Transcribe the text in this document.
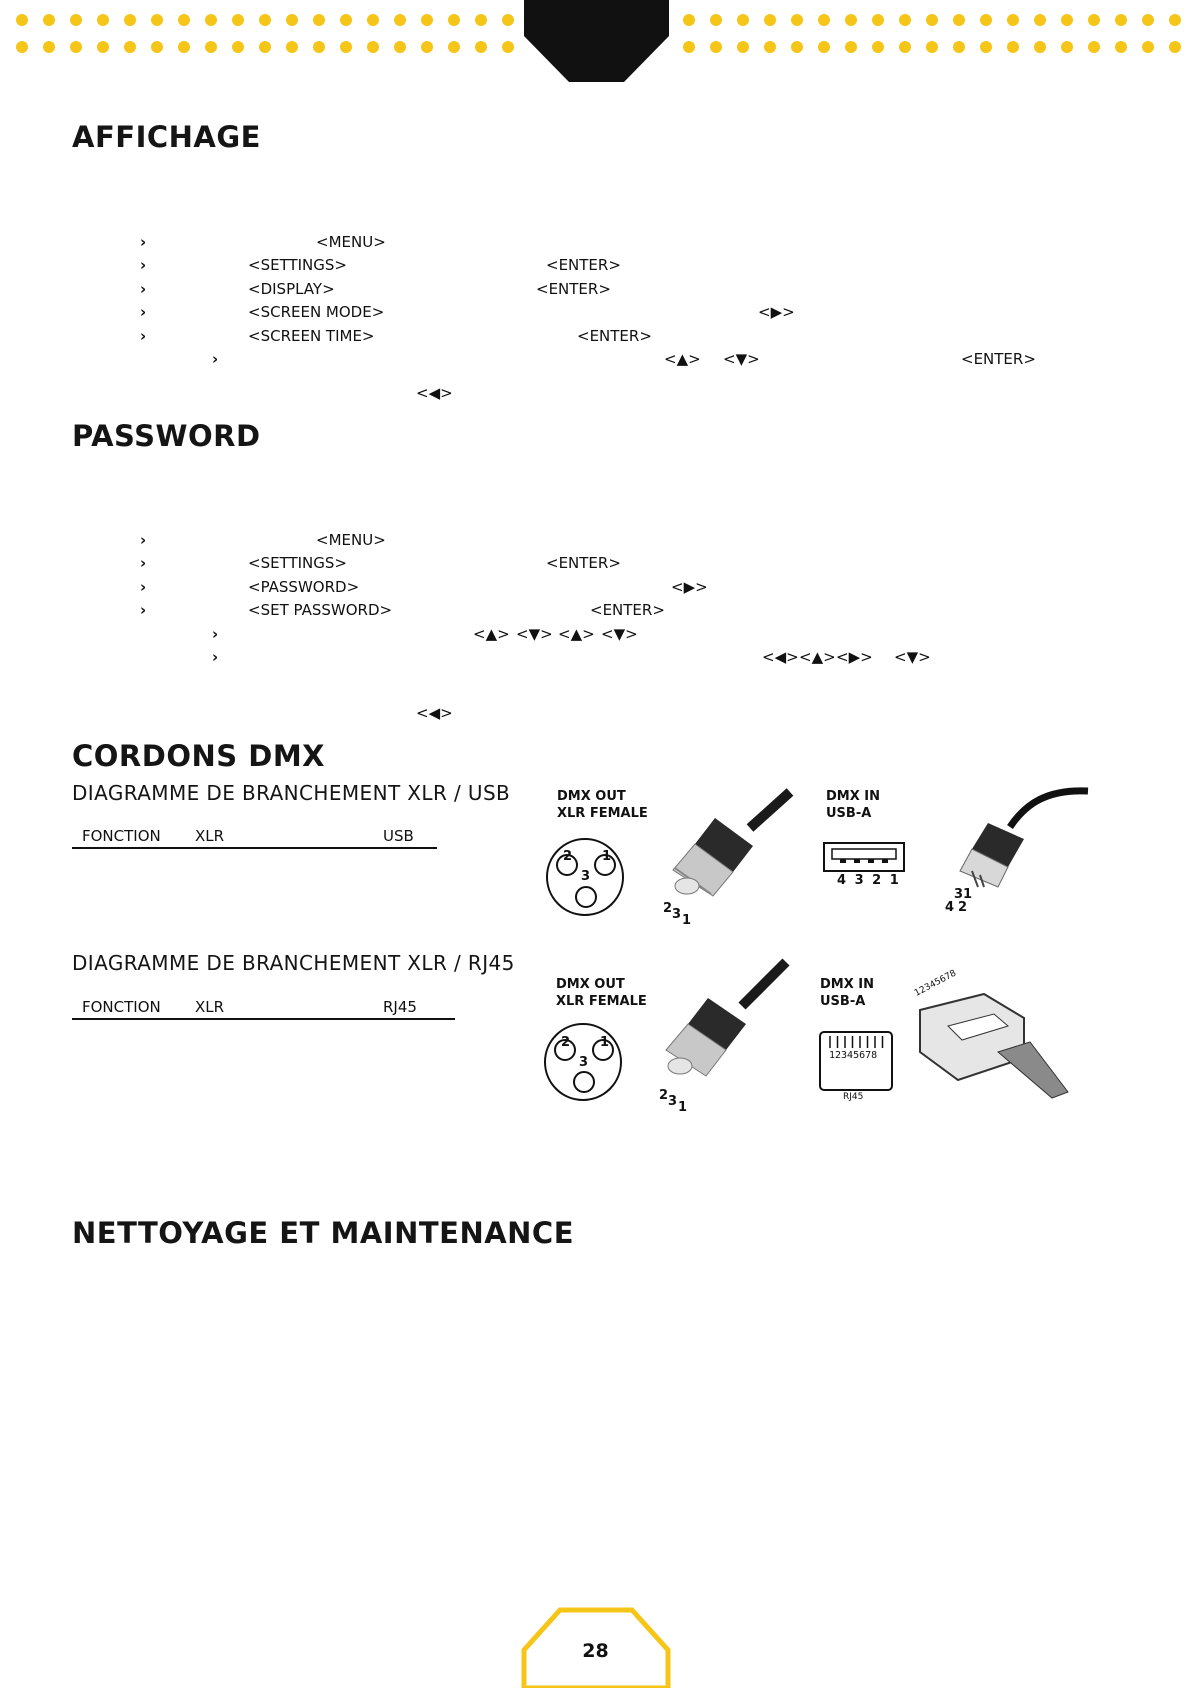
AFFICHAGE
›	<MENU>
›	<SETTINGS>	<ENTER>
›	<DISPLAY>	<ENTER>
›	<SCREEN MODE>	<▶>
›	<SCREEN TIME>	<ENTER>
›	<▲> <▼>	<ENTER>
<◀>
PASSWORD
›	<MENU>
›	<SETTINGS>	<ENTER>
›	<PASSWORD>	<▶>
›	<SET PASSWORD>	<ENTER>
›	<▲> <▼> <▲> <▼>
›	<◀> <▲> <▶> <▼>
<◀>
CORDONS DMX
DIAGRAMME DE BRANCHEMENT XLR / USB
FONCTION XLR	USB
DMX OUT
XLR FEMALE
DMX IN
USB-A
2 1
3
2 3 1
4 3 2 1
3 1
4 2
DIAGRAMME DE BRANCHEMENT XLR / RJ45
FONCTION XLR	RJ45
DMX OUT
XLR FEMALE
DMX IN
USB-A
2 1
3
2 3 1
12345678
RJ45
12345678
NETTOYAGE ET MAINTENANCE
28
